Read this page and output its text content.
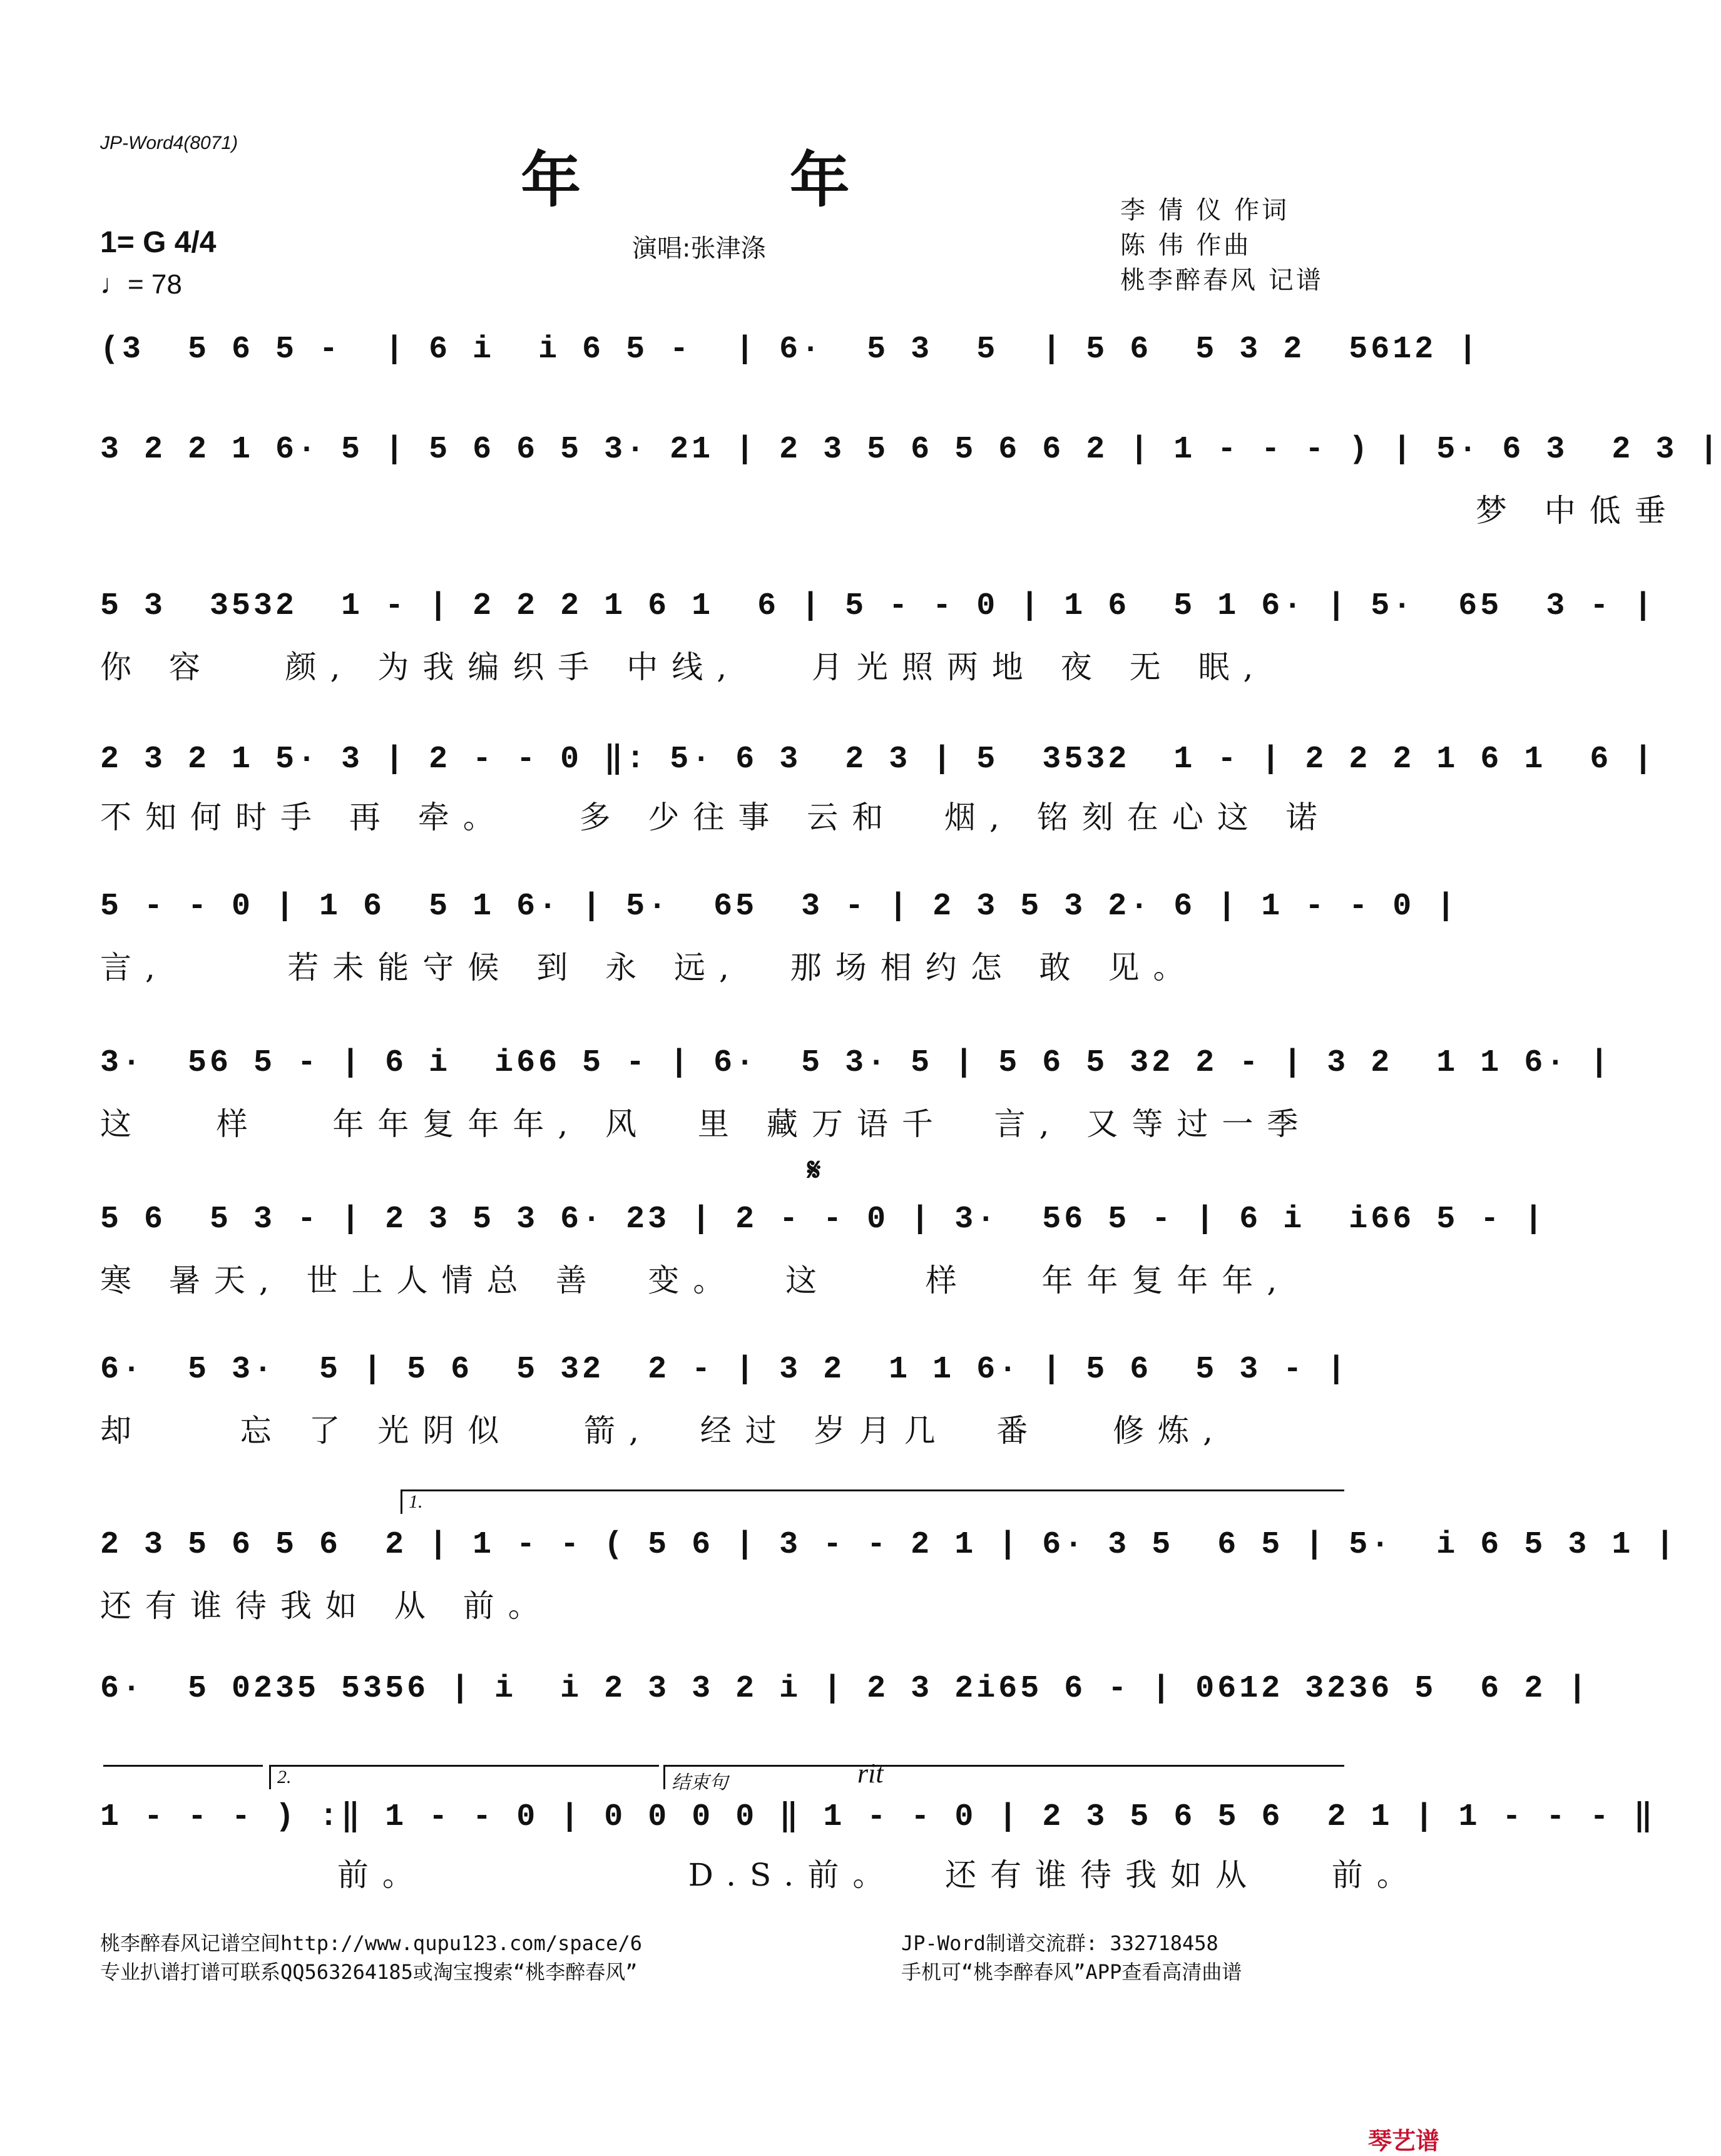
JP-Word4(8071)
年 年
1= G 4/4
♩= 78
演唱:张津涤
李 倩 仪 作词
陈 伟 作曲
桃李醉春风 记谱
(3  5 6 5 -  | 6 i  i 6 5 -  | 6·  5 3  5  | 5 6  5 3 2  5612 |
3 2 2 1 6· 5 | 5 6 6 5 3· 21 | 2 3 5 6 5 6 6 2 | 1 - - - ) | 5· 6 3  2 3 |
梦 中低垂
5 3  3532  1 - | 2 2 2 1 6 1  6 | 5 - - 0 | 1 6  5 1 6· | 5·  65  3 - |
你 容   颜, 为我编织手 中线,   月光照两地 夜 无 眠,
2 3 2 1 5· 3 | 2 - - 0 ‖: 5· 6 3  2 3 | 5  3532  1 - | 2 2 2 1 6 1  6 |
不知何时手 再 牵。   多 少往事 云和  烟, 铭刻在心这 诺
5 - - 0 | 1 6  5 1 6· | 5·  65  3 - | 2 3 5 3 2· 6 | 1 - - 0 |
言,     若未能守候 到 永 远,  那场相约怎 敢 见。
3·  56 5 - | 6 i  i66 5 - | 6·  5 3· 5 | 5 6 5 32 2 - | 3 2  1 1 6· |
这   样   年年复年年, 风  里 藏万语千  言, 又等过一季
𝄋
5 6  5 3 - | 2 3 5 3 6· 23 | 2 - - 0 | 3·  56 5 - | 6 i  i66 5 - |
寒 暑天, 世上人情总 善  变。  这    样   年年复年年,
6·  5 3·  5 | 5 6  5 32  2 - | 3 2  1 1 6· | 5 6  5 3 - |
却    忘 了 光阴似   箭,  经过 岁月几  番   修炼,
1.
2 3 5 6 5 6  2 | 1 - - ( 5 6 | 3 - - 2 1 | 6· 3 5  6 5 | 5·  i 6 5 3 1 |
还有谁待我如 从 前。
6·  5 0235 5356 | i  i 2 3 3 2 i | 2 3 2i65 6 - | 0612 3236 5  6 2 |
2.	结束句	rit
1 - - - ) :‖ 1 - - 0 | 0 0 0 0 ‖ 1 - - 0 | 2 3 5 6 5 6  2 1 | 1 - - - ‖
前。           D.S.前。  还有谁待我如从   前。
桃李醉春风记谱空间http://www.qupu123.com/space/6
专业扒谱打谱可联系QQ563264185或淘宝搜索“桃李醉春风”
JP-Word制谱交流群: 332718458
手机可“桃李醉春风”APP查看高清曲谱
琴艺谱
